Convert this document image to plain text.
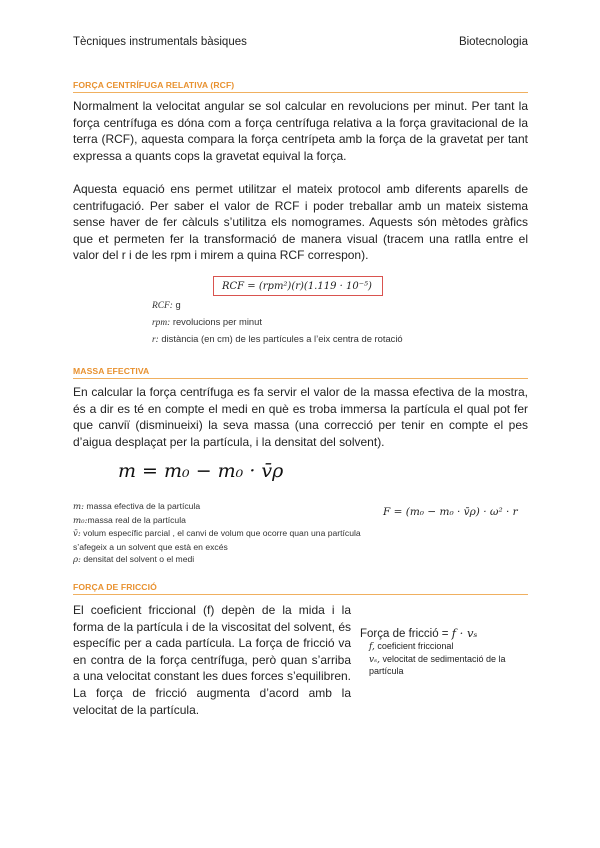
Tècniques instrumentals bàsiques	Biotecnologia
FORÇA CENTRÍFUGA RELATIVA (RCF)

Normalment la velocitat angular se sol calcular en revolucions per minut. Per tant la força centrífuga es dóna com a força centrífuga relativa a la força gravitacional de la terra (RCF), aquesta compara la força centrípeta amb la força de la gravetat per tant expressa a quants cops la gravetat equival la força.

Aquesta equació ens permet utilitzar el mateix protocol amb diferents aparells de centrifugació. Per saber el valor de RCF i poder treballar amb un mateix sistema sense haver de fer càlculs s’utilitza els nomogrames. Aquests són mètodes gràfics que et permeten fer la transformació de manera visual (tracem una ratlla entre el valor del r i de les rpm i mirem a quina RCF correspon).

RCF = (rpm²)(r)(1.119 · 10⁻⁵)
RCF: g
rpm: revolucions per minut
r: distància (en cm) de les partícules a l’eix centra de rotació
MASSA EFECTIVA

En calcular la força centrífuga es fa servir el valor de la massa efectiva de la mostra, és a dir es té en compte el medi en què es troba immersa la partícula el qual pot fer que canviï (disminueixi) la seva massa (una correcció per tenir en compte el pes d’aigua desplaçat per la partícula, i la densitat del solvent).

m = m₀ − m₀ · v̄ρ
m: massa efectiva de la partícula
m₀:massa real de la partícula
v̄: volum específic parcial , el canvi de volum que ocorre quan una partícula s’afegeix a un solvent que està en excés
ρ: densitat del solvent o el medi
F = (m₀ − m₀ · v̄ρ) · ω² · r
FORÇA DE FRICCIÓ

El coeficient friccional (f) depèn de la mida i la forma de la partícula i de la viscositat del solvent, és específic per a cada partícula. La força de fricció va en contra de la força centrífuga, però quan s’arriba a una velocitat constant les dues forces s’equilibren. La força de fricció augmenta d’acord amb la velocitat de la partícula.

Força de fricció = f · vₛ
f, coeficient friccional
vₛ, velocitat de sedimentació de la partícula
